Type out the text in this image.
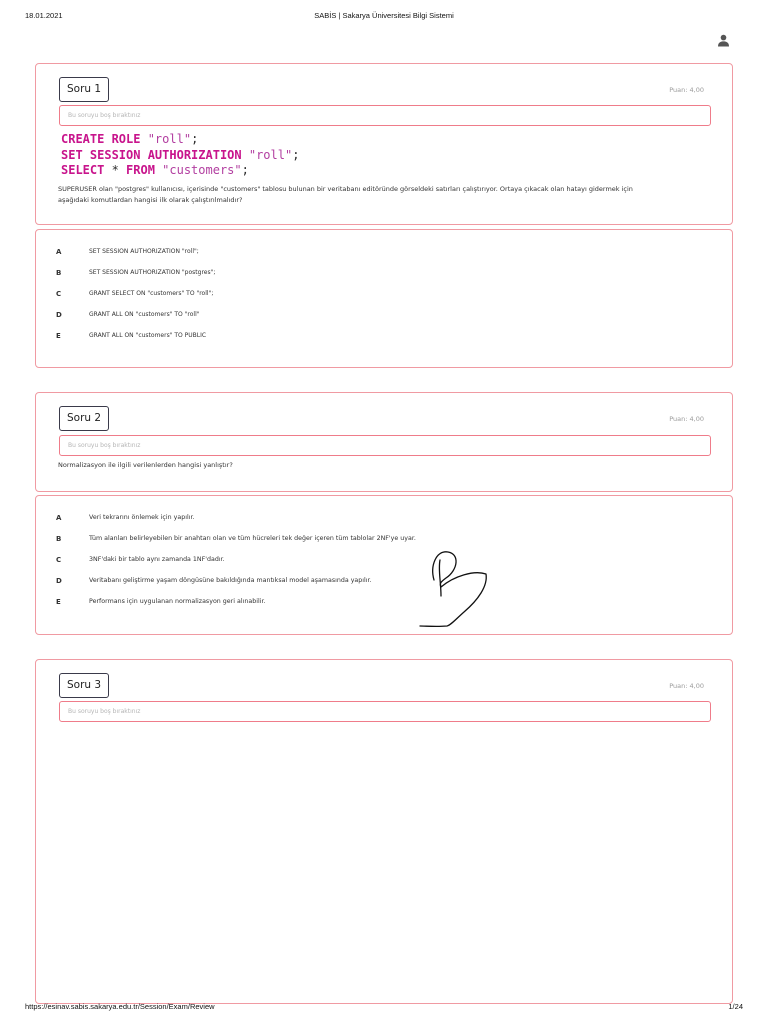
18.01.2021	SABİS | Sakarya Üniversitesi Bilgi Sistemi
Soru 1	Puan: 4,00
Bu soruyu boş bıraktınız
CREATE ROLE "roll";
SET SESSION AUTHORIZATION "roll";
SELECT * FROM "customers";
SUPERUSER olan "postgres" kullanıcısı, içerisinde "customers" tablosu bulunan bir veritabanı editöründe görseldeki satırları çalıştırıyor. Ortaya çıkacak olan hatayı gidermek için
aşağıdaki komutlardan hangisi ilk olarak çalıştırılmalıdır?
A	SET SESSION AUTHORIZATION "roll";
B	SET SESSION AUTHORIZATION "postgres";
C	GRANT SELECT ON "customers" TO "roll";
D	GRANT ALL ON "customers" TO "roll"
E	GRANT ALL ON "customers" TO PUBLIC
Soru 2	Puan: 4,00
Bu soruyu boş bıraktınız
Normalizasyon ile ilgili verilenlerden hangisi yanlıştır?
A	Veri tekrarını önlemek için yapılır.
B	Tüm alanları belirleyebilen bir anahtarı olan ve tüm hücreleri tek değer içeren tüm tablolar 2NF'ye uyar.
C	3NF'daki bir tablo aynı zamanda 1NF'dadır.
D	Veritabanı geliştirme yaşam döngüsüne bakıldığında mantıksal model aşamasında yapılır.
E	Performans için uygulanan normalizasyon geri alınabilir.
Soru 3	Puan: 4,00
Bu soruyu boş bıraktınız
https://esinav.sabis.sakarya.edu.tr/Session/Exam/Review	1/24
